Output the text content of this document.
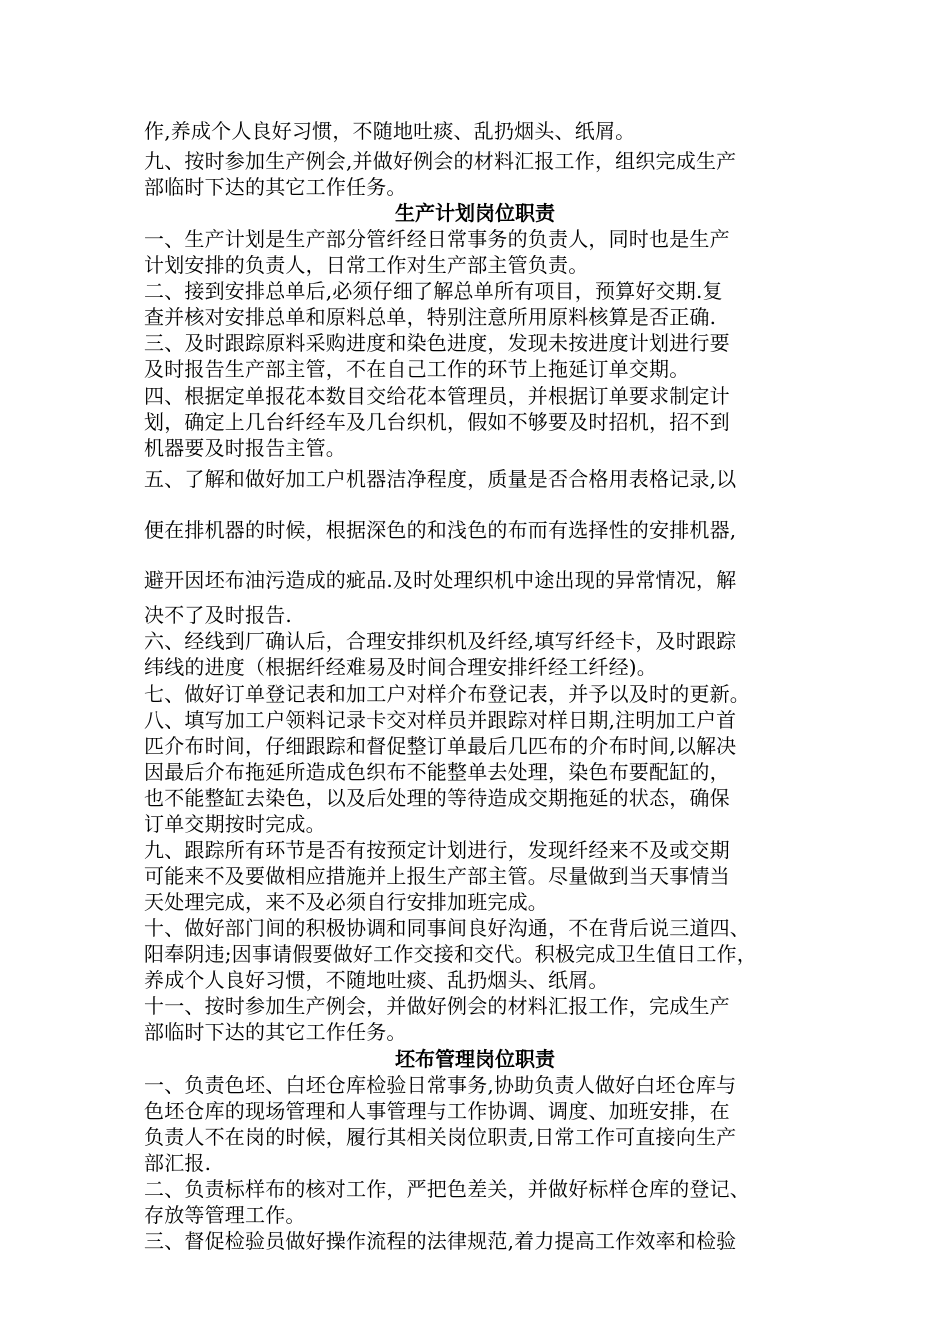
作,养成个人良好习惯，不随地吐痰、乱扔烟头、纸屑。
九、按时参加生产例会,并做好例会的材料汇报工作，组织完成生产
部临时下达的其它工作任务。
生产计划岗位职责
一、生产计划是生产部分管纤经日常事务的负责人，同时也是生产
计划安排的负责人，日常工作对生产部主管负责。
二、接到安排总单后,必须仔细了解总单所有项目，预算好交期.复
查并核对安排总单和原料总单，特别注意所用原料核算是否正确.
三、及时跟踪原料采购进度和染色进度，发现未按进度计划进行要
及时报告生产部主管，不在自己工作的环节上拖延订单交期。
四、根据定单报花本数目交给花本管理员，并根据订单要求制定计
划，确定上几台纤经车及几台织机，假如不够要及时招机，招不到
机器要及时报告主管。
五、了解和做好加工户机器洁净程度，质量是否合格用表格记录,以
便在排机器的时候，根据深色的和浅色的布而有选择性的安排机器,
避开因坯布油污造成的疵品.及时处理织机中途出现的异常情况，解
决不了及时报告.
六、经线到厂确认后，合理安排织机及纤经,填写纤经卡，及时跟踪
纬线的进度（根据纤经难易及时间合理安排纤经工纤经)。
七、做好订单登记表和加工户对样介布登记表，并予以及时的更新。
八、填写加工户领料记录卡交对样员并跟踪对样日期,注明加工户首
匹介布时间，仔细跟踪和督促整订单最后几匹布的介布时间,以解决
因最后介布拖延所造成色织布不能整单去处理，染色布要配缸的，
也不能整缸去染色，以及后处理的等待造成交期拖延的状态，确保
订单交期按时完成。
九、跟踪所有环节是否有按预定计划进行，发现纤经来不及或交期
可能来不及要做相应措施并上报生产部主管。尽量做到当天事情当
天处理完成，来不及必须自行安排加班完成。
十、做好部门间的积极协调和同事间良好沟通，不在背后说三道四、
阳奉阴违;因事请假要做好工作交接和交代。积极完成卫生值日工作，
养成个人良好习惯，不随地吐痰、乱扔烟头、纸屑。
十一、按时参加生产例会，并做好例会的材料汇报工作，完成生产
部临时下达的其它工作任务。
坯布管理岗位职责
一、负责色坯、白坯仓库检验日常事务,协助负责人做好白坯仓库与
色坯仓库的现场管理和人事管理与工作协调、调度、加班安排，在
负责人不在岗的时候，履行其相关岗位职责,日常工作可直接向生产
部汇报.
二、负责标样布的核对工作，严把色差关，并做好标样仓库的登记、
存放等管理工作。
三、督促检验员做好操作流程的法律规范,着力提高工作效率和检验
